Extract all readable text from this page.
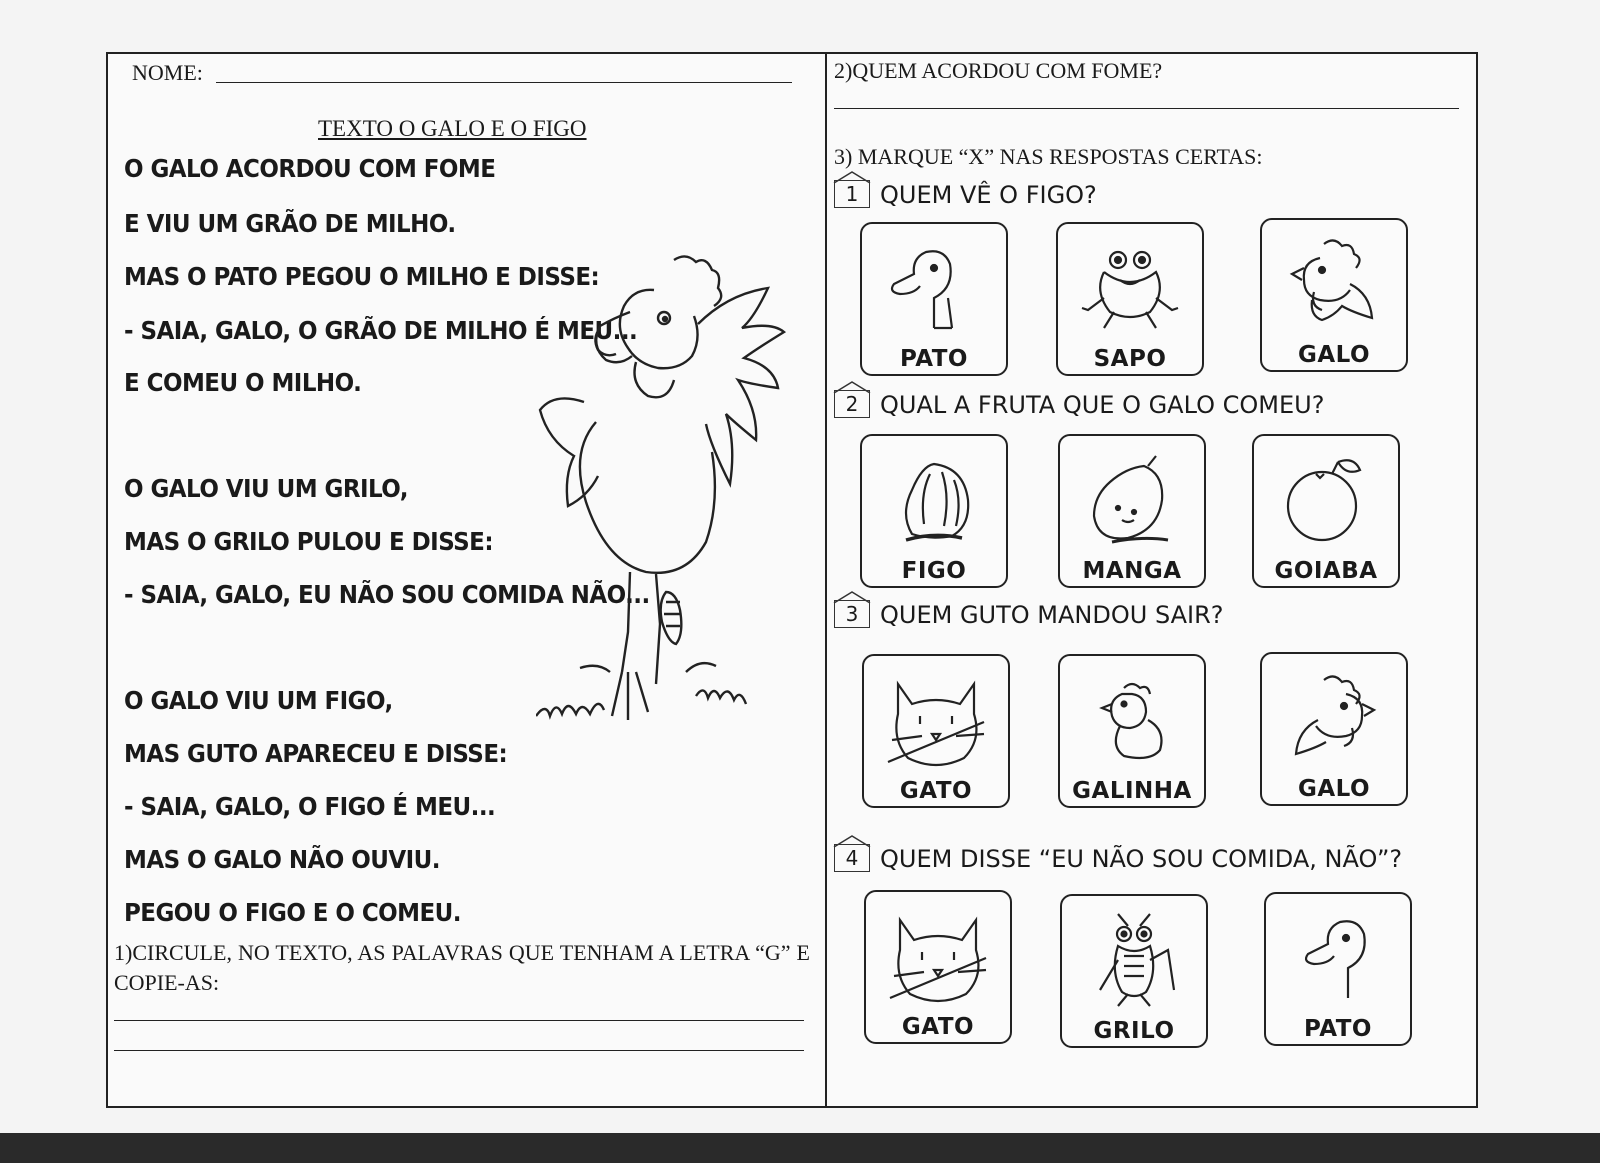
NOME:
TEXTO O GALO E O FIGO
O GALO ACORDOU COM FOME
E VIU UM GRÃO DE MILHO.
MAS O PATO PEGOU O MILHO E DISSE:
- SAIA, GALO, O GRÃO DE MILHO É MEU...
E COMEU O MILHO.
O GALO VIU UM GRILO,
MAS O GRILO PULOU E DISSE:
- SAIA, GALO, EU NÃO SOU COMIDA NÃO...
O GALO VIU UM FIGO,
MAS GUTO APARECEU E DISSE:
- SAIA, GALO, O FIGO É MEU...
MAS O GALO NÃO OUVIU.
PEGOU O FIGO E O COMEU.
1)CIRCULE, NO TEXTO, AS PALAVRAS QUE TENHAM A LETRA “G” E COPIE-AS:
2)QUEM ACORDOU COM FOME?
3) MARQUE “X” NAS RESPOSTAS CERTAS:
1 QUEM VÊ O FIGO?
PATO	SAPO	GALO
2 QUAL A FRUTA QUE O GALO COMEU?
FIGO	MANGA	GOIABA
3 QUEM GUTO MANDOU SAIR?
GATO	GALINHA	GALO
4 QUEM DISSE “EU NÃO SOU COMIDA, NÃO”?
GATO	GRILO	PATO
